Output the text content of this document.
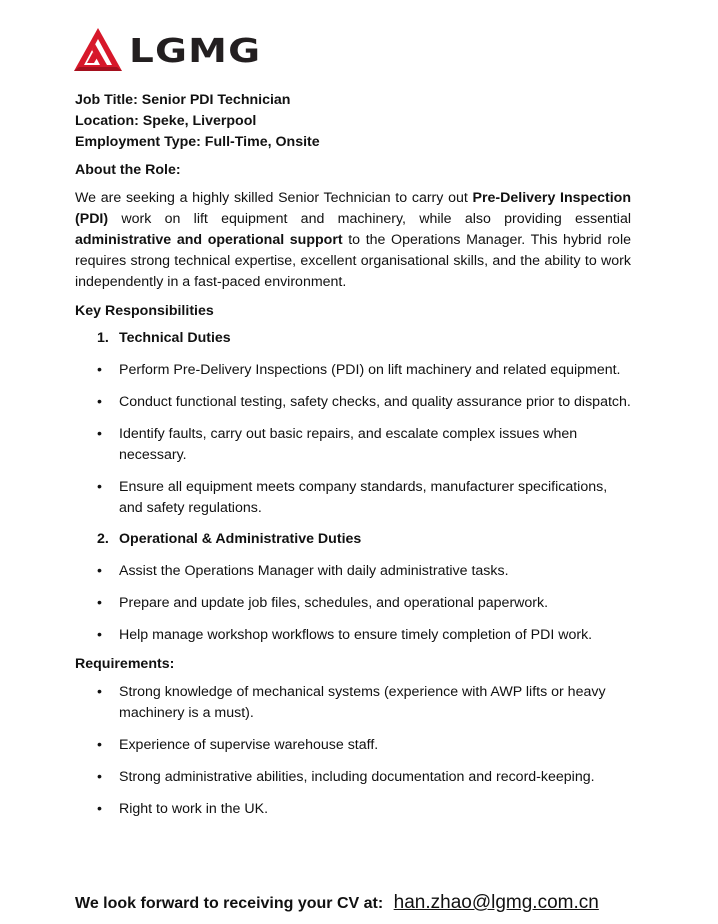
LGMG

Job Title: Senior PDI Technician

Location: Speke, Liverpool

Employment Type: Full-Time, Onsite

About the Role:

We are seeking a highly skilled Senior Technician to carry out Pre-Delivery Inspection (PDI) work on lift equipment and machinery, while also providing essential administrative and operational support to the Operations Manager. This hybrid role requires strong technical expertise, excellent organisational skills, and the ability to work independently in a fast-paced environment.

Key Responsibilities

1. Technical Duties
• Perform Pre-Delivery Inspections (PDI) on lift machinery and related equipment.
• Conduct functional testing, safety checks, and quality assurance prior to dispatch.
• Identify faults, carry out basic repairs, and escalate complex issues when necessary.
• Ensure all equipment meets company standards, manufacturer specifications, and safety regulations.
2. Operational & Administrative Duties
• Assist the Operations Manager with daily administrative tasks.
• Prepare and update job files, schedules, and operational paperwork.
• Help manage workshop workflows to ensure timely completion of PDI work.

Requirements:

• Strong knowledge of mechanical systems (experience with AWP lifts or heavy machinery is a must).
• Experience of supervise warehouse staff.
• Strong administrative abilities, including documentation and record-keeping.
• Right to work in the UK.
We look forward to receiving your CV at: han.zhao@lgmg.com.cn
